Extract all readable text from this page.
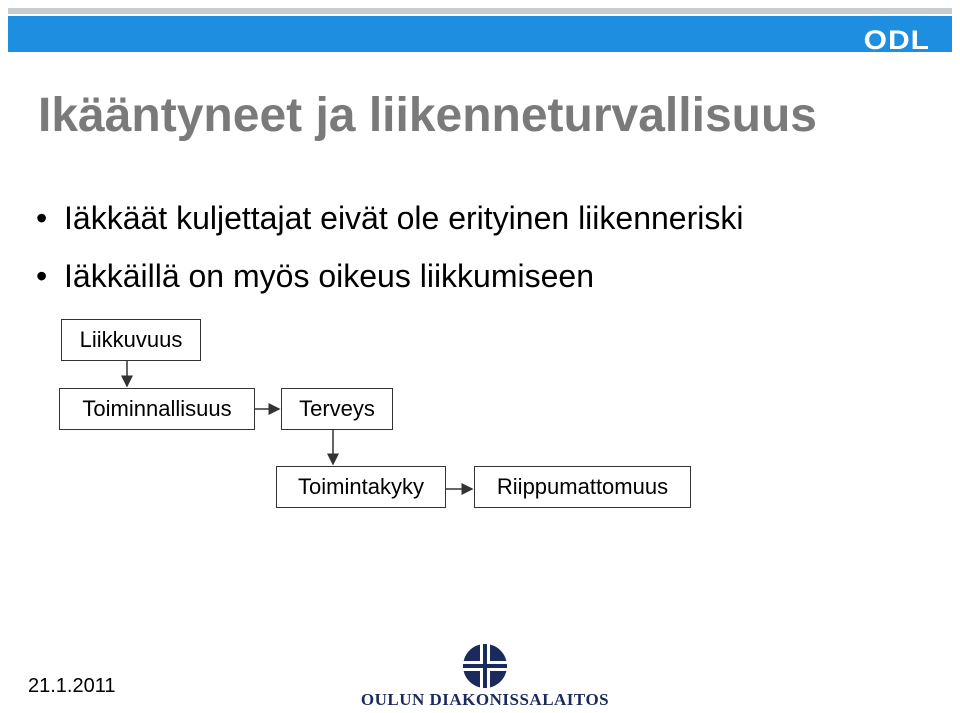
ODL
Ikääntyneet ja liikenneturvallisuus
• Iäkkäät kuljettajat eivät ole erityinen liikenneriski
• Iäkkäillä on myös oikeus liikkumiseen
Liikkuvuus
Toiminnallisuus	Terveys
Toimintakyky	Riippumattomuus
21.1.2011
OULUN DIAKONISSALAITOS
